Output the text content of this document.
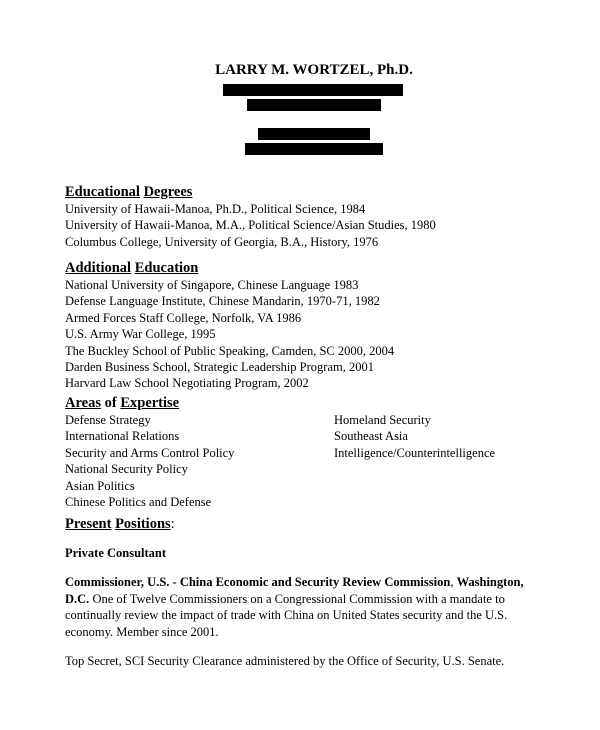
LARRY M. WORTZEL, Ph.D.
Educational Degrees
University of Hawaii-Manoa, Ph.D., Political Science, 1984
University of Hawaii-Manoa, M.A., Political Science/Asian Studies, 1980
Columbus College, University of Georgia, B.A., History, 1976
Additional Education
National University of Singapore, Chinese Language 1983
Defense Language Institute, Chinese Mandarin, 1970-71, 1982
Armed Forces Staff College, Norfolk, VA 1986
U.S. Army War College, 1995
The Buckley School of Public Speaking, Camden, SC 2000, 2004
Darden Business School, Strategic Leadership Program, 2001
Harvard Law School Negotiating Program, 2002
Areas of Expertise
Defense Strategy
International Relations
Security and Arms Control Policy
National Security Policy
Asian Politics
Chinese Politics and Defense
Homeland Security
Southeast Asia
Intelligence/Counterintelligence
Present Positions:
Private Consultant
Commissioner, U.S. - China Economic and Security Review Commission, Washington, D.C. One of Twelve Commissioners on a Congressional Commission with a mandate to continually review the impact of trade with China on United States security and the U.S. economy. Member since 2001.
Top Secret, SCI Security Clearance administered by the Office of Security, U.S. Senate.
